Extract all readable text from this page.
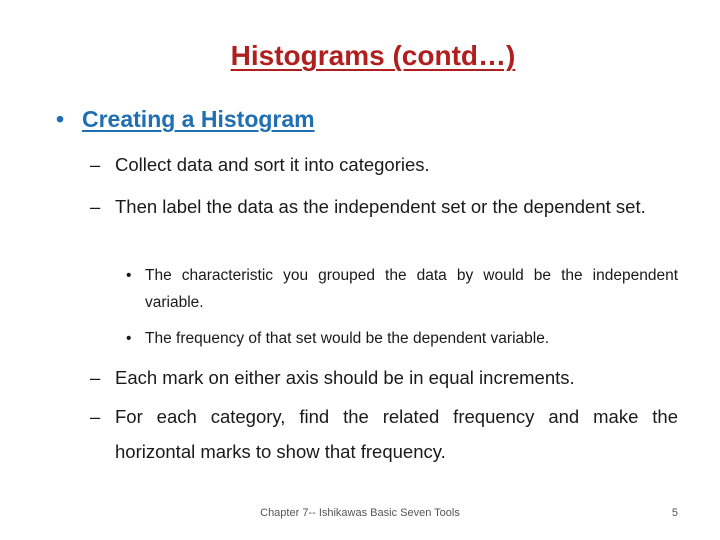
Histograms (contd…)
• Creating a Histogram
– Collect data and sort it into categories.
– Then label the data as the independent set or the dependent set.
• The characteristic you grouped the data by would be the independent variable.
• The frequency of that set would be the dependent variable.
– Each mark on either axis should be in equal increments.
– For each category, find the related frequency and make the horizontal marks to show that frequency.
Chapter 7-- Ishikawas Basic Seven Tools	5
